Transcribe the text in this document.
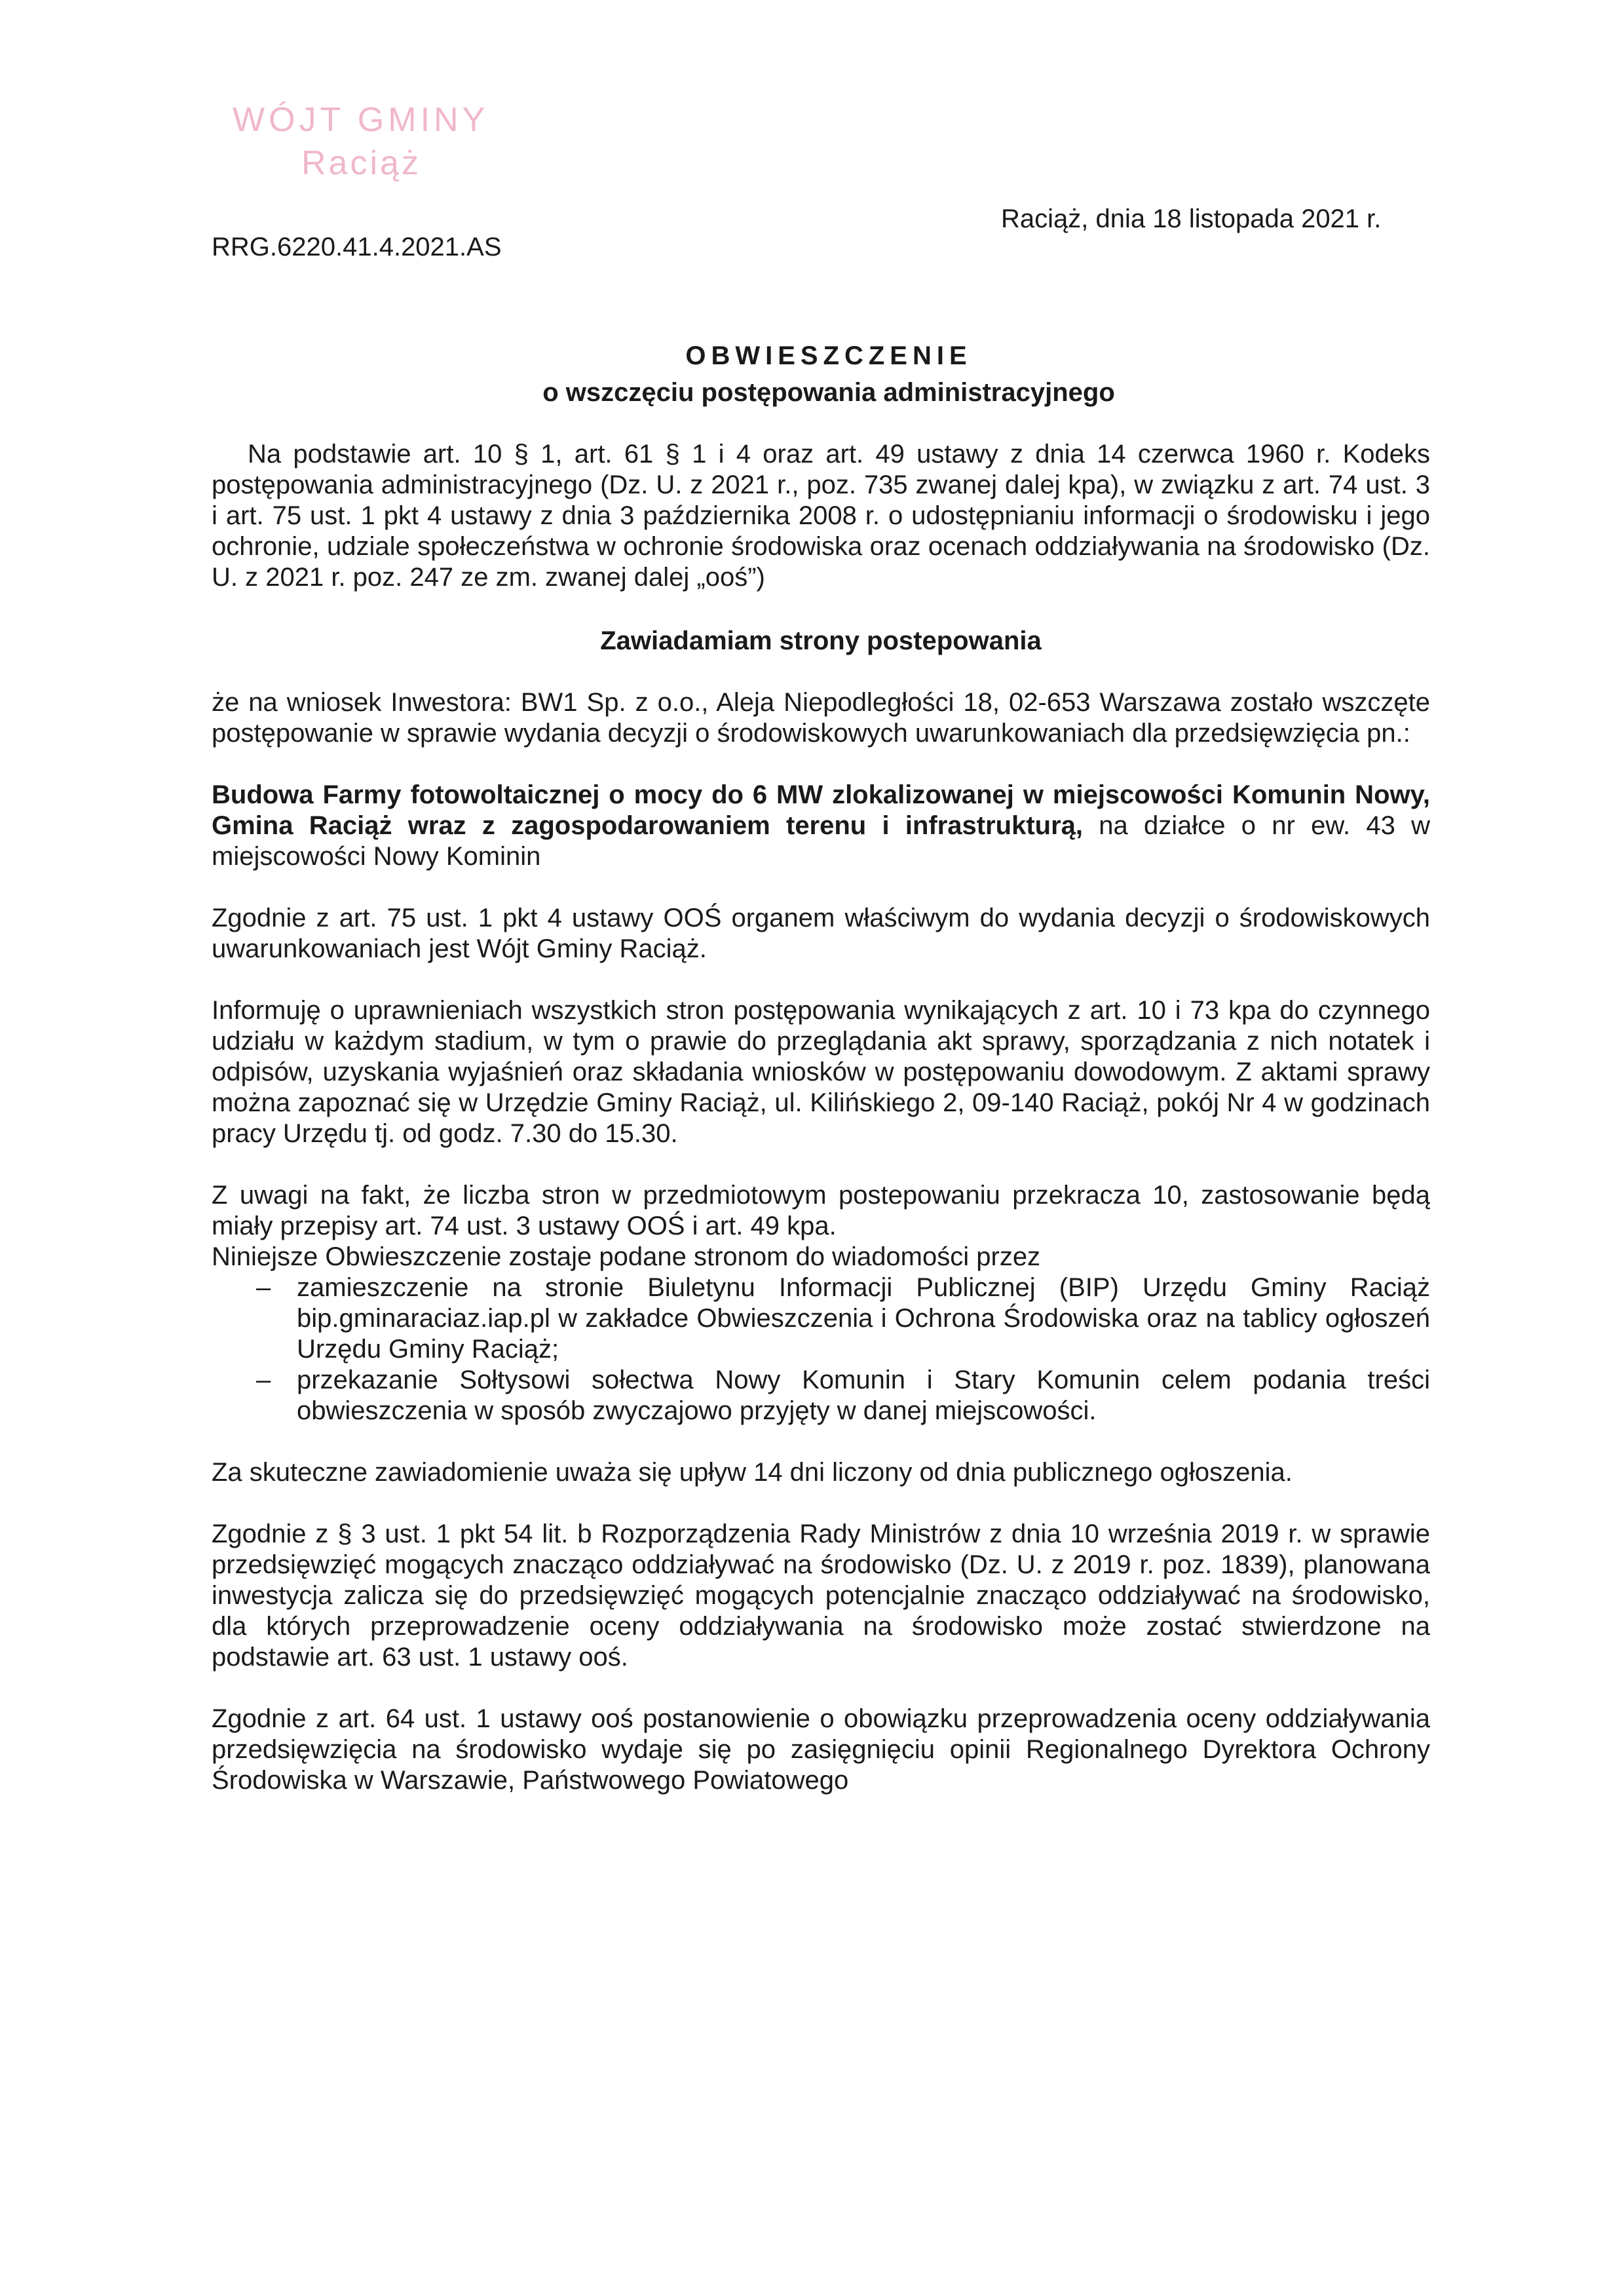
WÓJT GMINY
Raciąż
Raciąż, dnia 18 listopada 2021 r.
RRG.6220.41.4.2021.AS
OBWIESZCZENIE
o wszczęciu postępowania administracyjnego

Na podstawie art. 10 § 1, art. 61 § 1 i 4 oraz art. 49 ustawy z dnia 14 czerwca 1960 r. Kodeks postępowania administracyjnego (Dz. U. z 2021 r., poz. 735 zwanej dalej kpa), w związku z art. 74 ust. 3 i art. 75 ust. 1 pkt 4 ustawy z dnia 3 października 2008 r. o udostępnianiu informacji o środowisku i jego ochronie, udziale społeczeństwa w ochronie środowiska oraz ocenach oddziaływania na środowisko (Dz. U. z 2021 r. poz. 247 ze zm. zwanej dalej „ooś”)

Zawiadamiam strony postepowania

że na wniosek Inwestora: BW1 Sp. z o.o., Aleja Niepodległości 18, 02-653 Warszawa zostało wszczęte postępowanie w sprawie wydania decyzji o środowiskowych uwarunkowaniach dla przedsięwzięcia pn.:

Budowa Farmy fotowoltaicznej o mocy do 6 MW zlokalizowanej w miejscowości Komunin Nowy, Gmina Raciąż wraz z zagospodarowaniem terenu i infrastrukturą, na działce o nr ew. 43 w miejscowości Nowy Kominin

Zgodnie z art. 75 ust. 1 pkt 4 ustawy OOŚ organem właściwym do wydania decyzji o środowiskowych uwarunkowaniach jest Wójt Gminy Raciąż.

Informuję o uprawnieniach wszystkich stron postępowania wynikających z art. 10 i 73 kpa do czynnego udziału w każdym stadium, w tym o prawie do przeglądania akt sprawy, sporządzania z nich notatek i odpisów, uzyskania wyjaśnień oraz składania wniosków w postępowaniu dowodowym. Z aktami sprawy można zapoznać się w Urzędzie Gminy Raciąż, ul. Kilińskiego 2, 09-140 Raciąż, pokój Nr 4 w godzinach pracy Urzędu tj. od godz. 7.30 do 15.30.

Z uwagi na fakt, że liczba stron w przedmiotowym postepowaniu przekracza 10, zastosowanie będą miały przepisy art. 74 ust. 3 ustawy OOŚ i art. 49 kpa.

Niniejsze Obwieszczenie zostaje podane stronom do wiadomości przez

– zamieszczenie na stronie Biuletynu Informacji Publicznej (BIP) Urzędu Gminy Raciąż bip.gminaraciaz.iap.pl w zakładce Obwieszczenia i Ochrona Środowiska oraz na tablicy ogłoszeń Urzędu Gminy Raciąż;
– przekazanie Sołtysowi sołectwa Nowy Komunin i Stary Komunin celem podania treści obwieszczenia w sposób zwyczajowo przyjęty w danej miejscowości.

Za skuteczne zawiadomienie uważa się upływ 14 dni liczony od dnia publicznego ogłoszenia.

Zgodnie z § 3 ust. 1 pkt 54 lit. b Rozporządzenia Rady Ministrów z dnia 10 września 2019 r. w sprawie przedsięwzięć mogących znacząco oddziaływać na środowisko (Dz. U. z 2019 r. poz. 1839), planowana inwestycja zalicza się do przedsięwzięć mogących potencjalnie znacząco oddziaływać na środowisko, dla których przeprowadzenie oceny oddziaływania na środowisko może zostać stwierdzone na podstawie art. 63 ust. 1 ustawy ooś.

Zgodnie z art. 64 ust. 1 ustawy ooś postanowienie o obowiązku przeprowadzenia oceny oddziaływania przedsięwzięcia na środowisko wydaje się po zasięgnięciu opinii Regionalnego Dyrektora Ochrony Środowiska w Warszawie, Państwowego Powiatowego
